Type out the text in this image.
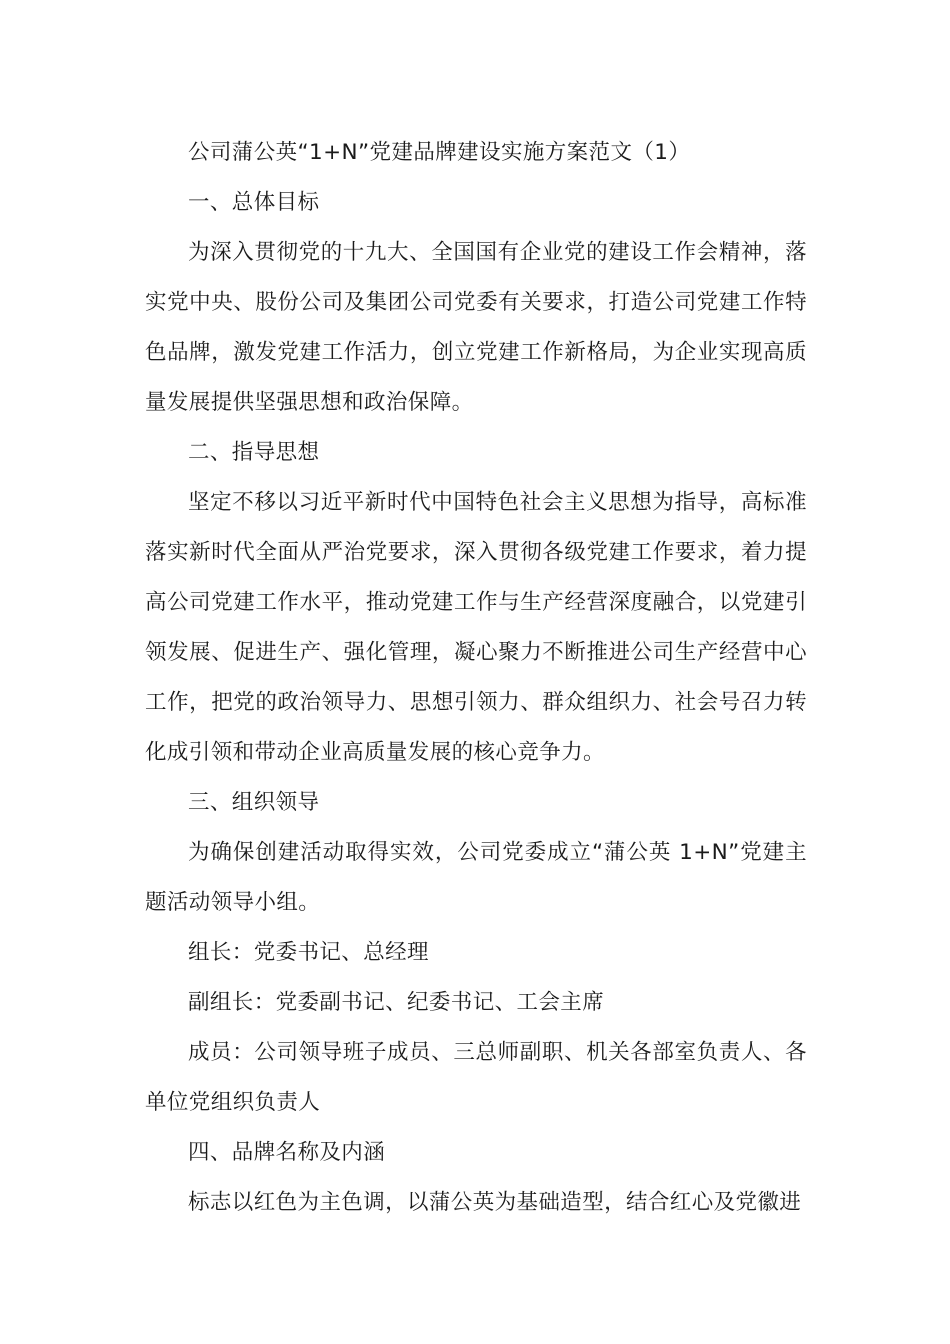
公司蒲公英“1+N”党建品牌建设实施方案范文（1）

一、总体目标

为深入贯彻党的十九大、全国国有企业党的建设工作会精神，落实党中央、股份公司及集团公司党委有关要求，打造公司党建工作特色品牌，激发党建工作活力，创立党建工作新格局，为企业实现高质量发展提供坚强思想和政治保障。

二、指导思想

坚定不移以习近平新时代中国特色社会主义思想为指导，高标准落实新时代全面从严治党要求，深入贯彻各级党建工作要求，着力提高公司党建工作水平，推动党建工作与生产经营深度融合，以党建引领发展、促进生产、强化管理，凝心聚力不断推进公司生产经营中心工作，把党的政治领导力、思想引领力、群众组织力、社会号召力转化成引领和带动企业高质量发展的核心竞争力。

三、组织领导

为确保创建活动取得实效，公司党委成立“蒲公英 1+N”党建主题活动领导小组。

组长：党委书记、总经理

副组长：党委副书记、纪委书记、工会主席

成员：公司领导班子成员、三总师副职、机关各部室负责人、各单位党组织负责人

四、品牌名称及内涵

标志以红色为主色调，以蒲公英为基础造型，结合红心及党徽进
